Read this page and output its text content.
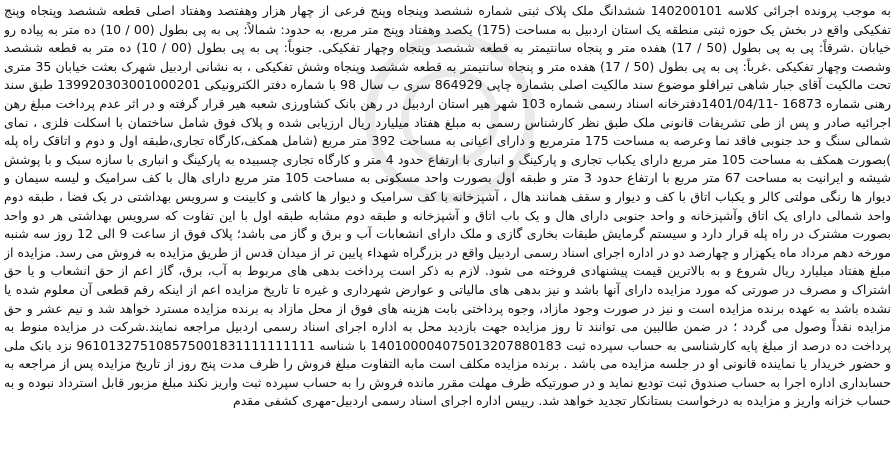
به موجب پرونده اجرائی کلاسه 140200101 ششدانگ ملک پلاک ثبتی شماره ششصد وپنجاه وپنج فرعی از چهار هزار وهفتصد وهفتاد اصلی قطعه ششصد وپنجاه وپنج تفکیکی واقع در بخش یک حوزه ثبتی منطقه یک استان اردبیل به مساحت (175) یکصد وهفتاد وپنج متر مربع، به حدود: شمالاً: پی به پی بطول (00 / 10) ده متر به پیاده رو خیابان .شرقاً: پی به پی بطول (50 / 17) هفده متر و پنجاه سانتیمتر به قطعه ششصد وپنجاه وچهار تفکیکی. جنوباً: پی به پی بطول (00 / 10) ده متر به قطعه ششصد وشصت وچهار تفکیکی .غرباً: پی به پی بطول (50 / 17) هفده متر و پنجاه سانتیمتر به قطعه ششصد وپنجاه وشش تفکیکی ، به نشانی اردبیل شهرک بعثت خیابان 35 متری تحت مالکیت آقای جبار شاهی تیرافلو موضوع سند مالکیت اصلی بشماره چاپی 864929 سری ب سال 98 با شماره دفتر الکترونیکی 139920303001000201 طبق سند رهنی شماره 16873 -1401/04/11دفترخانه اسناد رسمی شماره 103 شهر هیر استان اردبیل در رهن بانک کشاورزی شعبه هیر قرار گرفته و در اثر عدم پرداخت مبلغ رهن اجرائیه صادر و پس از طی تشریفات قانونی ملک طبق نظر کارشناس رسمی به مبلغ هفتاد میلیارد ریال ارزیابی شده و پلاک فوق شامل ساختمان با اسکلت فلزی ، نمای شمالی سنگ و حد جنوبی فاقد نما وعرصه به مساحت 175 مترمربع و دارای اعیانی به مساحت 392 متر مربع (شامل همکف،کارگاه تجاری،طبقه اول و دوم و اتاقک راه پله )بصورت همکف به مساحت 105 متر مربع دارای یکباب تجاری و پارکینگ و انباری با ارتفاع حدود 4 متر و کارگاه تجاری چسبیده به پارکینگ و انباری با سازه سبک و با پوشش شیشه و ایرانیت به مساحت 67 متر مربع با ارتفاع حدود 3 متر و طبقه اول بصورت واحد مسکونی به مساحت 105 متر مربع دارای هال با کف سرامیک و لیسه سیمان و دیوار ها رنگی مولتی کالر و یکباب اتاق با کف و دیوار و سقف همانند هال ، آشپزخانه با کف سرامیک و دیوار ها کاشی و کابینت و سرویس بهداشتی در یک فضا ، طبقه دوم واحد شمالی دارای یک اتاق وآشپزخانه و واحد جنوبی دارای هال و یک باب اتاق و آشپزخانه و طبقه دوم مشابه طبقه اول با این تفاوت که سرویس بهداشتی هر دو واحد بصورت مشترک در راه پله قرار دارد و سیستم گرمایش طبقات بخاری گازی و ملک دارای انشعابات آب و برق و گاز می باشد؛ پلاک فوق از ساعت 9 الی 12 روز سه شنبه مورخه دهم مرداد ماه یکهزار و چهارصد دو در اداره اجرای اسناد رسمی اردبیل واقع در بزرگراه شهداء پایین تر از میدان قدس از طریق مزایده به فروش می رسد. مزایده از مبلغ هفتاد میلیارد ریال شروع و به بالاترین قیمت پیشنهادی فروخته می شود. لازم به ذکر است پرداخت بدهی های مربوط به آب، برق، گاز اعم از حق انشعاب و یا حق اشتراک و مصرف در صورتی که مورد مزایده دارای آنها باشد و نیز بدهی های مالیاتی و عوارض شهرداری و غیره تا تاریخ مزایده اعم از اینکه رقم قطعی آن معلوم شده یا نشده باشد به عهده برنده مزایده است و نیز در صورت وجود مازاد، وجوه پرداختی بابت هزینه های فوق از محل مازاد به برنده مزایده مسترد خواهد شد و نیم عشر و حق مزایده نقداً وصول می گردد ؛ در ضمن طالبین می توانند تا روز مزایده جهت بازدید محل به اداره اجرای اسناد رسمی اردبیل مراجعه نمایند.شرکت در مزایده منوط به پرداخت ده درصد از مبلغ پایه کارشناسی به حساب سپرده ثبت 140100004075013207880183 با شناسه 961013275108575001831111111111 نزد بانک ملی و حضور خریدار یا نماینده قانونی او در جلسه مزایده می باشد . برنده مزایده مکلف است مابه التفاوت مبلغ فروش را ظرف مدت پنج روز از تاریخ مزایده پس از مراجعه به حسابداری اداره اجرا به حساب صندوق ثبت تودیع نماید و در صورتیکه ظرف مهلت مقرر مانده فروش را به حساب سپرده ثبت واریز نکند مبلغ مزبور قابل استرداد نبوده و به حساب خزانه واریز و مزایده به درخواست بستانکار تجدید خواهد شد. رییس اداره اجرای اسناد رسمی اردبیل-مهری کشفی مقدم
